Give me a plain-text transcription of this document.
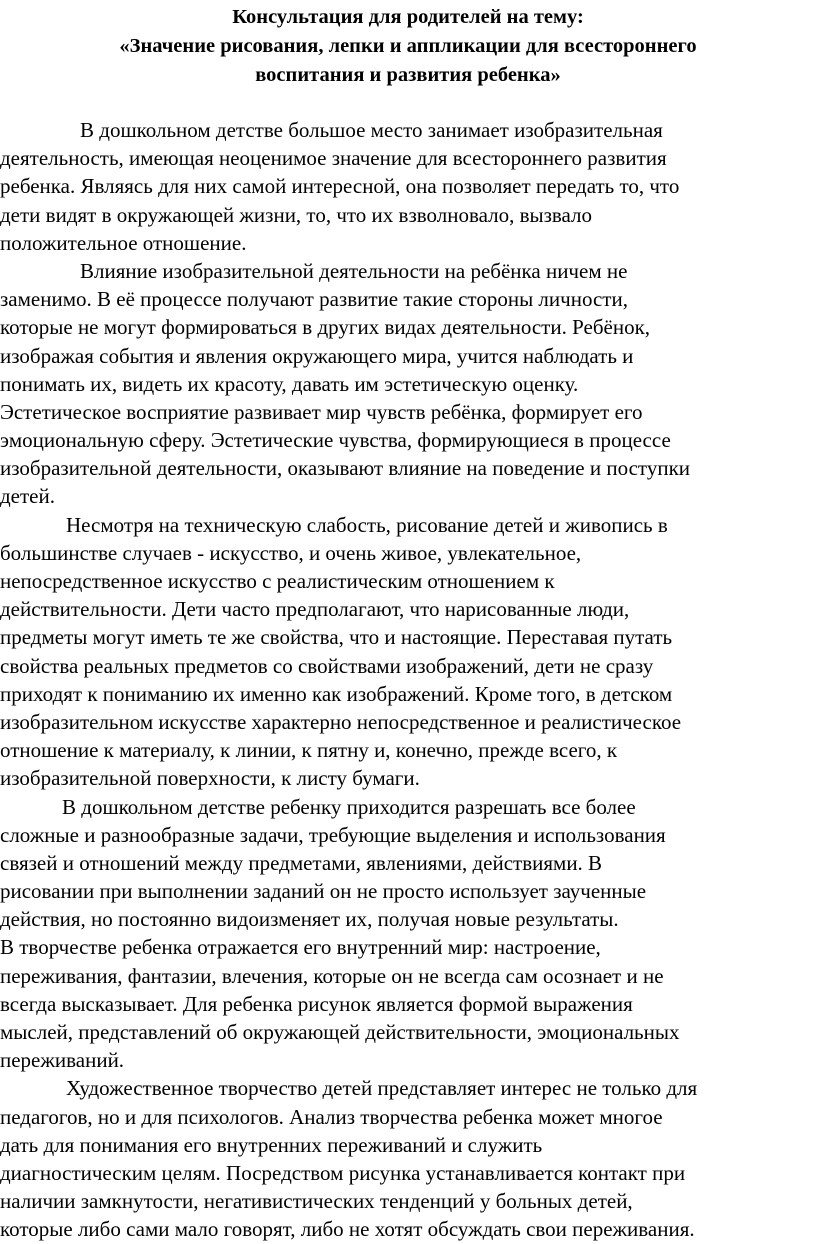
Консультация для родителей на тему:
«Значение рисования, лепки и аппликации для всестороннего
воспитания и развития ребенка»
В дошкольном детстве большое место занимает изобразительная
деятельность, имеющая неоценимое значение для всестороннего развития
ребенка. Являясь для них самой интересной, она позволяет передать то, что
дети видят в окружающей жизни, то, что их взволновало, вызвало
положительное отношение.
Влияние изобразительной деятельности на ребёнка ничем не
заменимо. В её процессе получают развитие такие стороны личности,
которые не могут формироваться в других видах деятельности. Ребёнок,
изображая события и явления окружающего мира, учится наблюдать и
понимать их, видеть их красоту, давать им эстетическую оценку.
Эстетическое восприятие развивает мир чувств ребёнка, формирует его
эмоциональную сферу. Эстетические чувства, формирующиеся в процессе
изобразительной деятельности, оказывают влияние на поведение и поступки
детей.
Несмотря на техническую слабость, рисование детей и живопись в
большинстве случаев - искусство, и очень живое, увлекательное,
непосредственное искусство с реалистическим отношением к
действительности. Дети часто предполагают, что нарисованные люди,
предметы могут иметь те же свойства, что и настоящие. Переставая путать
свойства реальных предметов со свойствами изображений, дети не сразу
приходят к пониманию их именно как изображений. Кроме того, в детском
изобразительном искусстве характерно непосредственное и реалистическое
отношение к материалу, к линии, к пятну и, конечно, прежде всего, к
изобразительной поверхности, к листу бумаги.
В дошкольном детстве ребенку приходится разрешать все более
сложные и разнообразные задачи, требующие выделения и использования
связей и отношений между предметами, явлениями, действиями. В
рисовании при выполнении заданий он не просто использует заученные
действия, но постоянно видоизменяет их, получая новые результаты.
В творчестве ребенка отражается его внутренний мир: настроение,
переживания, фантазии, влечения, которые он не всегда сам осознает и не
всегда высказывает. Для ребенка рисунок является формой выражения
мыслей, представлений об окружающей действительности, эмоциональных
переживаний.
Художественное творчество детей представляет интерес не только для
педагогов, но и для психологов. Анализ творчества ребенка может многое
дать для понимания его внутренних переживаний и служить
диагностическим целям. Посредством рисунка устанавливается контакт при
наличии замкнутости, негативистических тенденций у больных детей,
которые либо сами мало говорят, либо не хотят обсуждать свои переживания.
